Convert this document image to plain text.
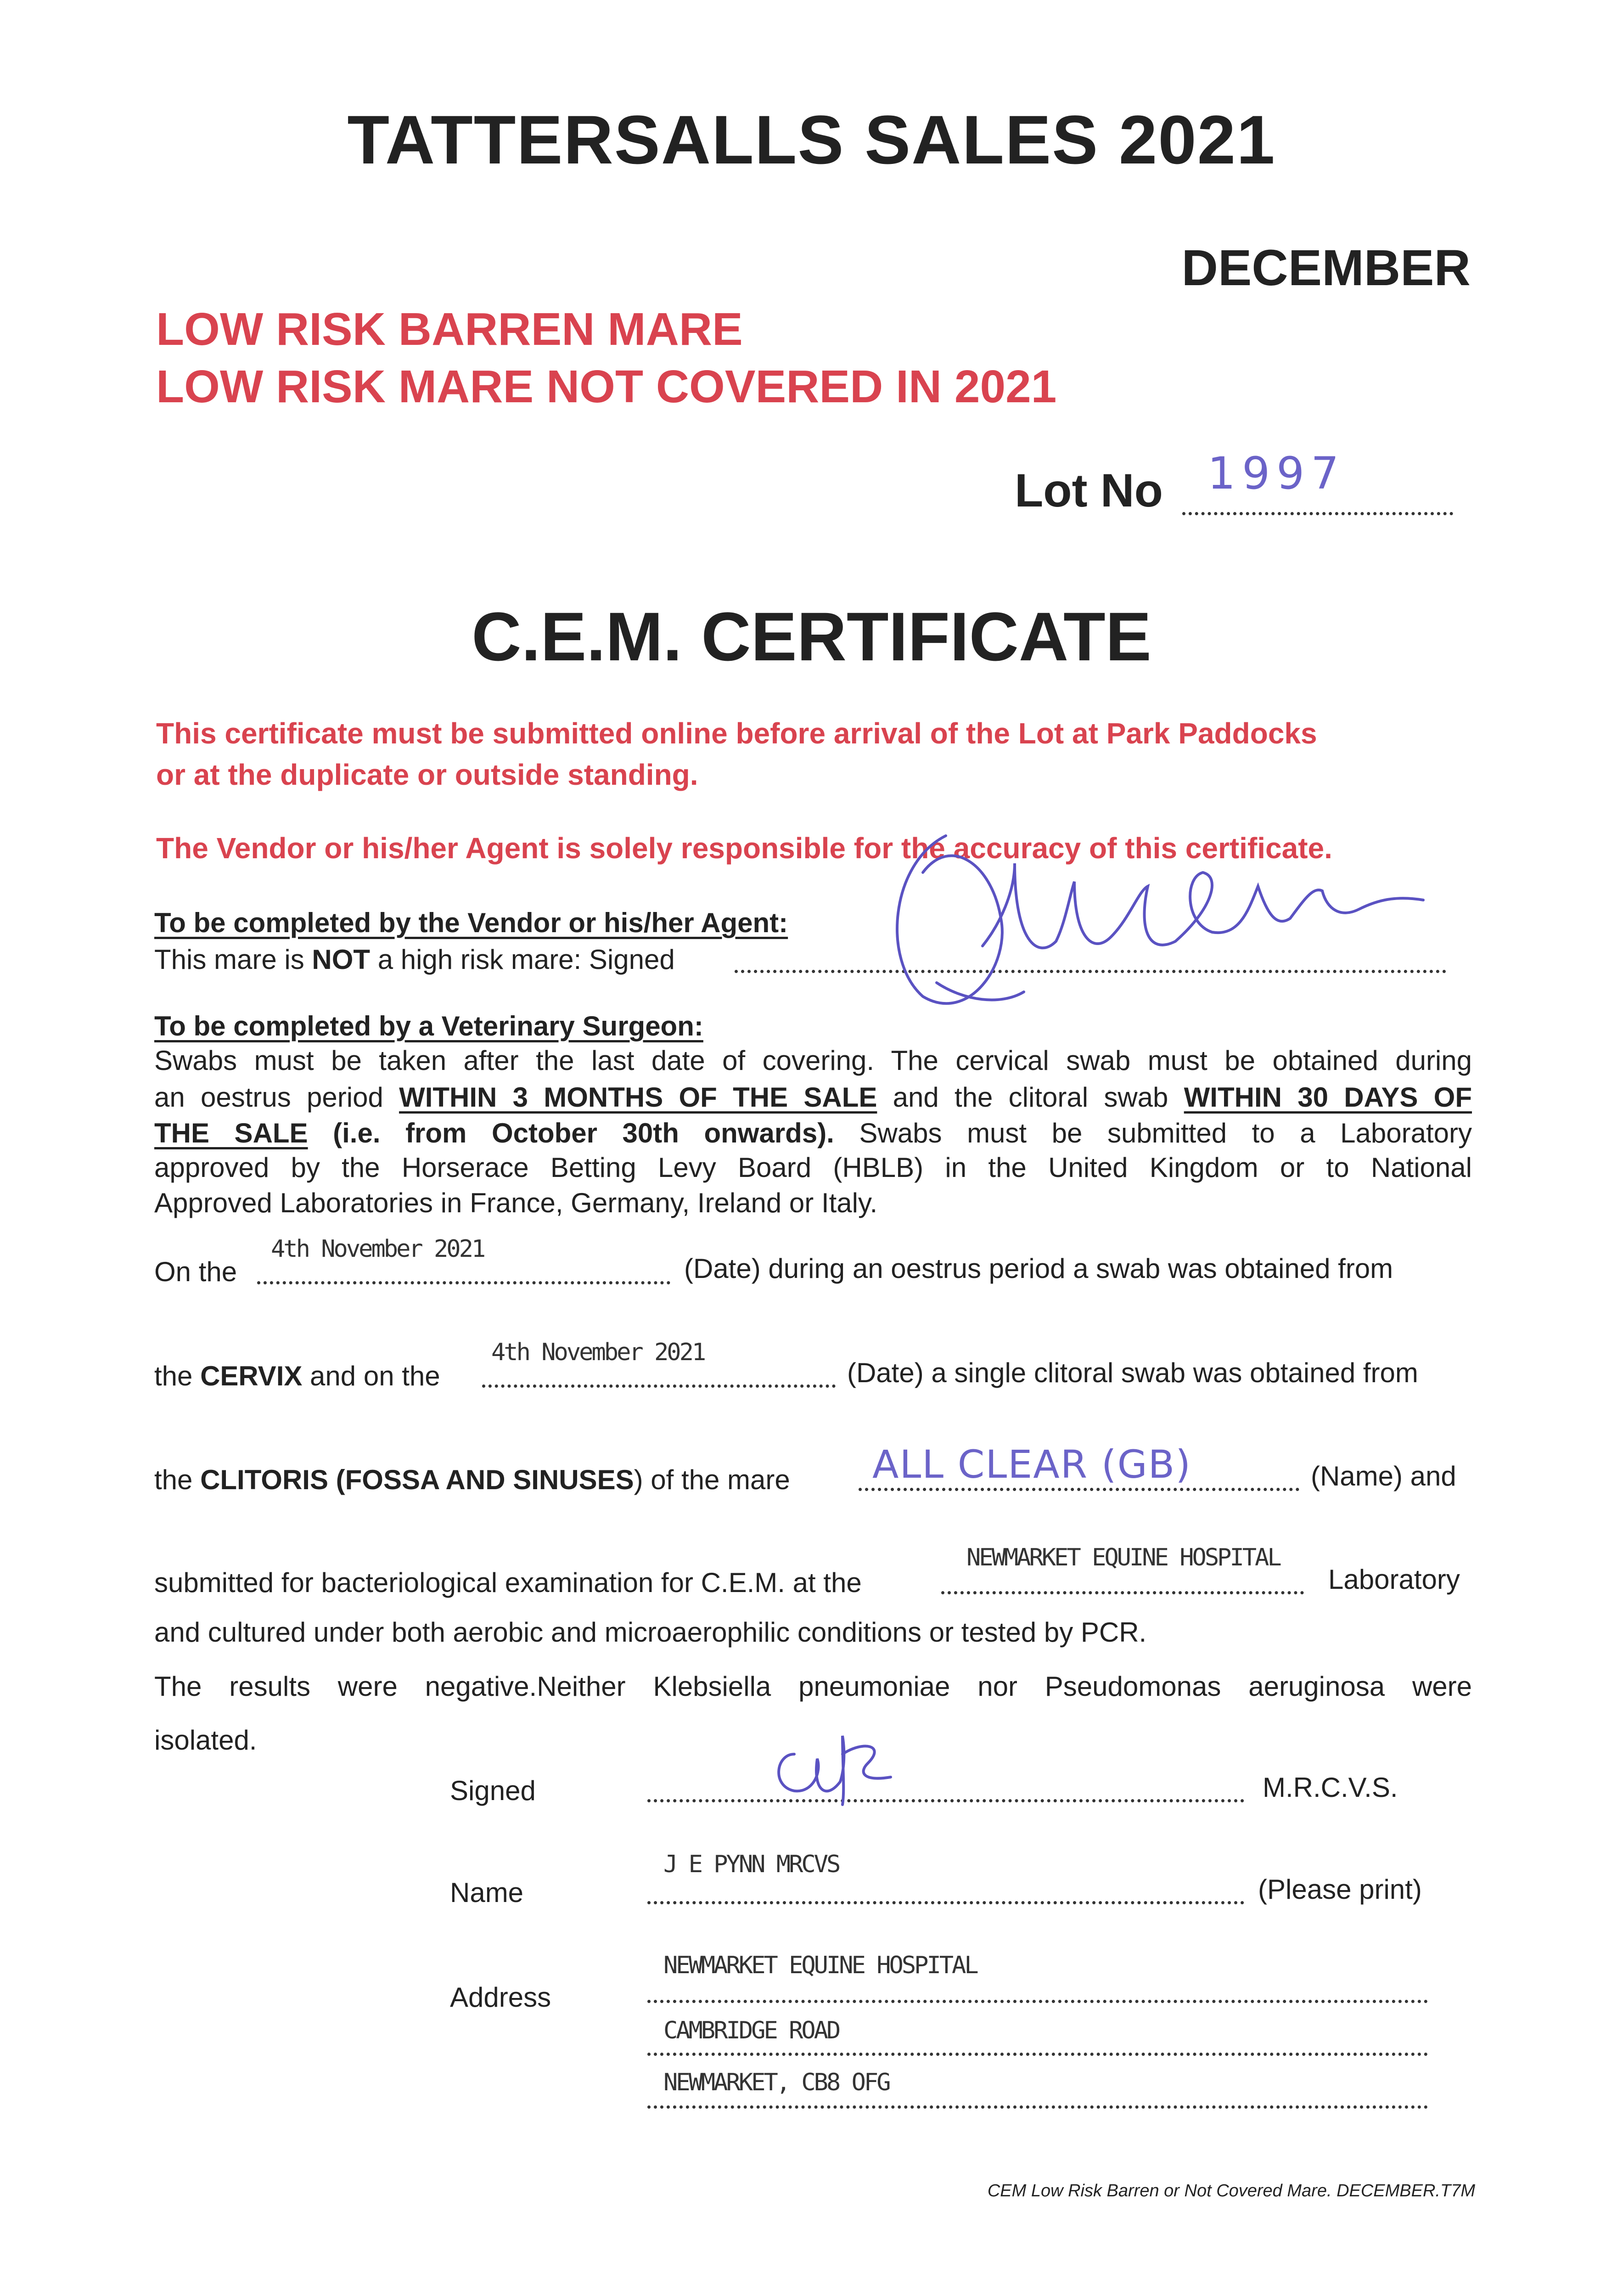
TATTERSALLS SALES 2021
DECEMBER
LOW RISK BARREN MARE
LOW RISK MARE NOT COVERED IN 2021
Lot No 1997
C.E.M. CERTIFICATE
This certificate must be submitted online before arrival of the Lot at Park Paddocks
or at the duplicate or outside standing.
The Vendor or his/her Agent is solely responsible for the accuracy of this certificate.
To be completed by the Vendor or his/her Agent:
This mare is NOT a high risk mare: Signed
To be completed by a Veterinary Surgeon:
Swabs must be taken after the last date of covering. The cervical swab must be obtained during
an oestrus period WITHIN 3 MONTHS OF THE SALE and the clitoral swab WITHIN 30 DAYS OF
THE SALE (i.e. from October 30th onwards). Swabs must be submitted to a Laboratory
approved by the Horserace Betting Levy Board (HBLB) in the United Kingdom or to National
Approved Laboratories in France, Germany, Ireland or Italy.
On the
4th November 2021
(Date) during an oestrus period a swab was obtained from
the CERVIX and on the
4th November 2021
(Date) a single clitoral swab was obtained from
the CLITORIS (FOSSA AND SINUSES) of the mare ALL CLEAR (GB)	(Name) and
submitted for bacteriological examination for C.E.M. at the
NEWMARKET EQUINE HOSPITAL
Laboratory
and cultured under both aerobic and microaerophilic conditions or tested by PCR.
The results were negative.Neither Klebsiella pneumoniae nor Pseudomonas aeruginosa were
isolated.
Signed	M.R.C.V.S.
Name
J E PYNN MRCVS
(Please print)
Address
NEWMARKET EQUINE HOSPITAL
CAMBRIDGE ROAD
NEWMARKET, CB8 OFG
CEM Low Risk Barren or Not Covered Mare. DECEMBER.T7M
